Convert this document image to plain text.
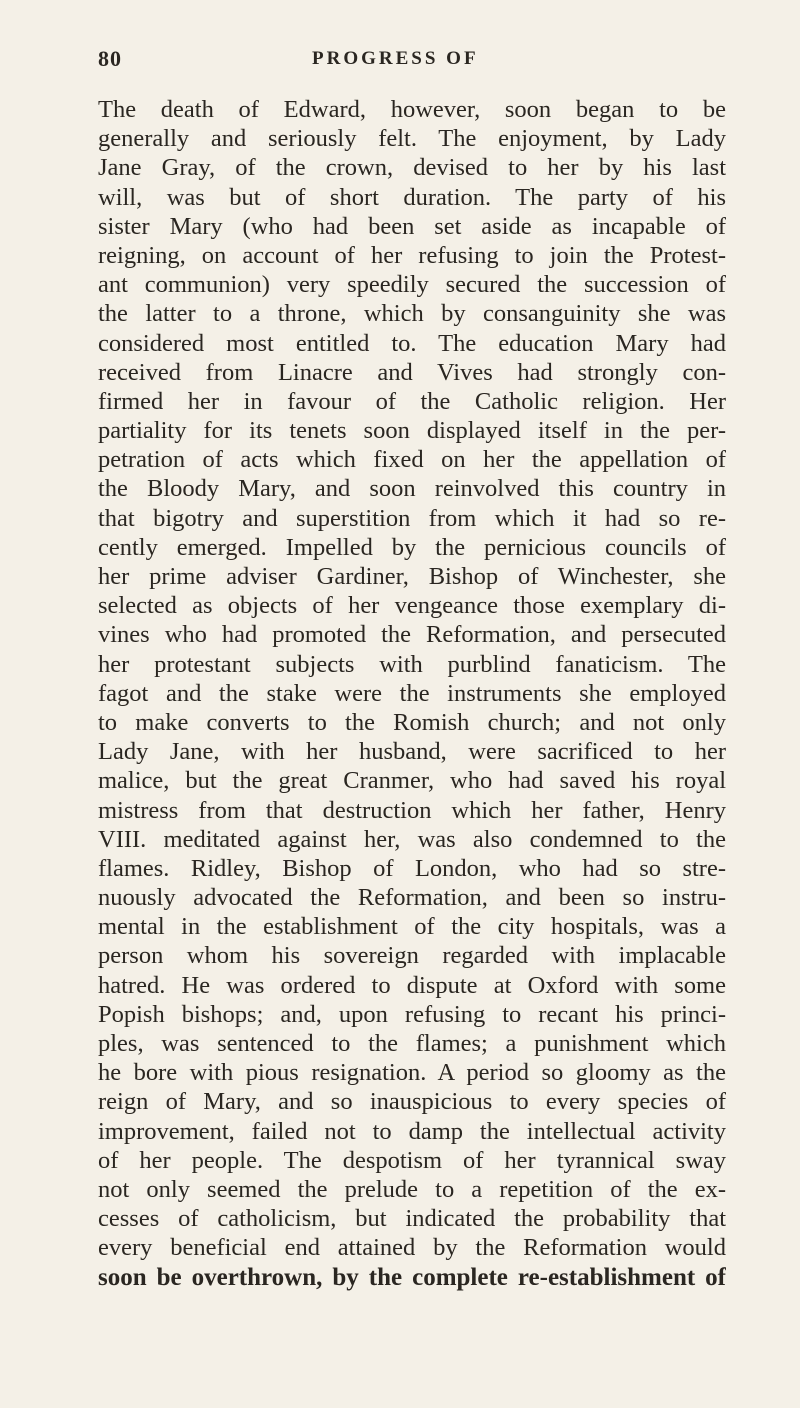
80	PROGRESS OF
The death of Edward, however, soon began to be
generally and seriously felt. The enjoyment, by Lady
Jane Gray, of the crown, devised to her by his last
will, was but of short duration. The party of his
sister Mary (who had been set aside as incapable of
reigning, on account of her refusing to join the Protest-
ant communion) very speedily secured the succession of
the latter to a throne, which by consanguinity she was
considered most entitled to. The education Mary had
received from Linacre and Vives had strongly con-
firmed her in favour of the Catholic religion. Her
partiality for its tenets soon displayed itself in the per-
petration of acts which fixed on her the appellation of
the Bloody Mary, and soon reinvolved this country in
that bigotry and superstition from which it had so re-
cently emerged. Impelled by the pernicious councils of
her prime adviser Gardiner, Bishop of Winchester, she
selected as objects of her vengeance those exemplary di-
vines who had promoted the Reformation, and persecuted
her protestant subjects with purblind fanaticism. The
fagot and the stake were the instruments she employed
to make converts to the Romish church; and not only
Lady Jane, with her husband, were sacrificed to her
malice, but the great Cranmer, who had saved his royal
mistress from that destruction which her father, Henry
VIII. meditated against her, was also condemned to the
flames. Ridley, Bishop of London, who had so stre-
nuously advocated the Reformation, and been so instru-
mental in the establishment of the city hospitals, was a
person whom his sovereign regarded with implacable
hatred. He was ordered to dispute at Oxford with some
Popish bishops; and, upon refusing to recant his princi-
ples, was sentenced to the flames; a punishment which
he bore with pious resignation. A period so gloomy as the
reign of Mary, and so inauspicious to every species of
improvement, failed not to damp the intellectual activity
of her people. The despotism of her tyrannical sway
not only seemed the prelude to a repetition of the ex-
cesses of catholicism, but indicated the probability that
every beneficial end attained by the Reformation would
soon be overthrown, by the complete re-establishment of
